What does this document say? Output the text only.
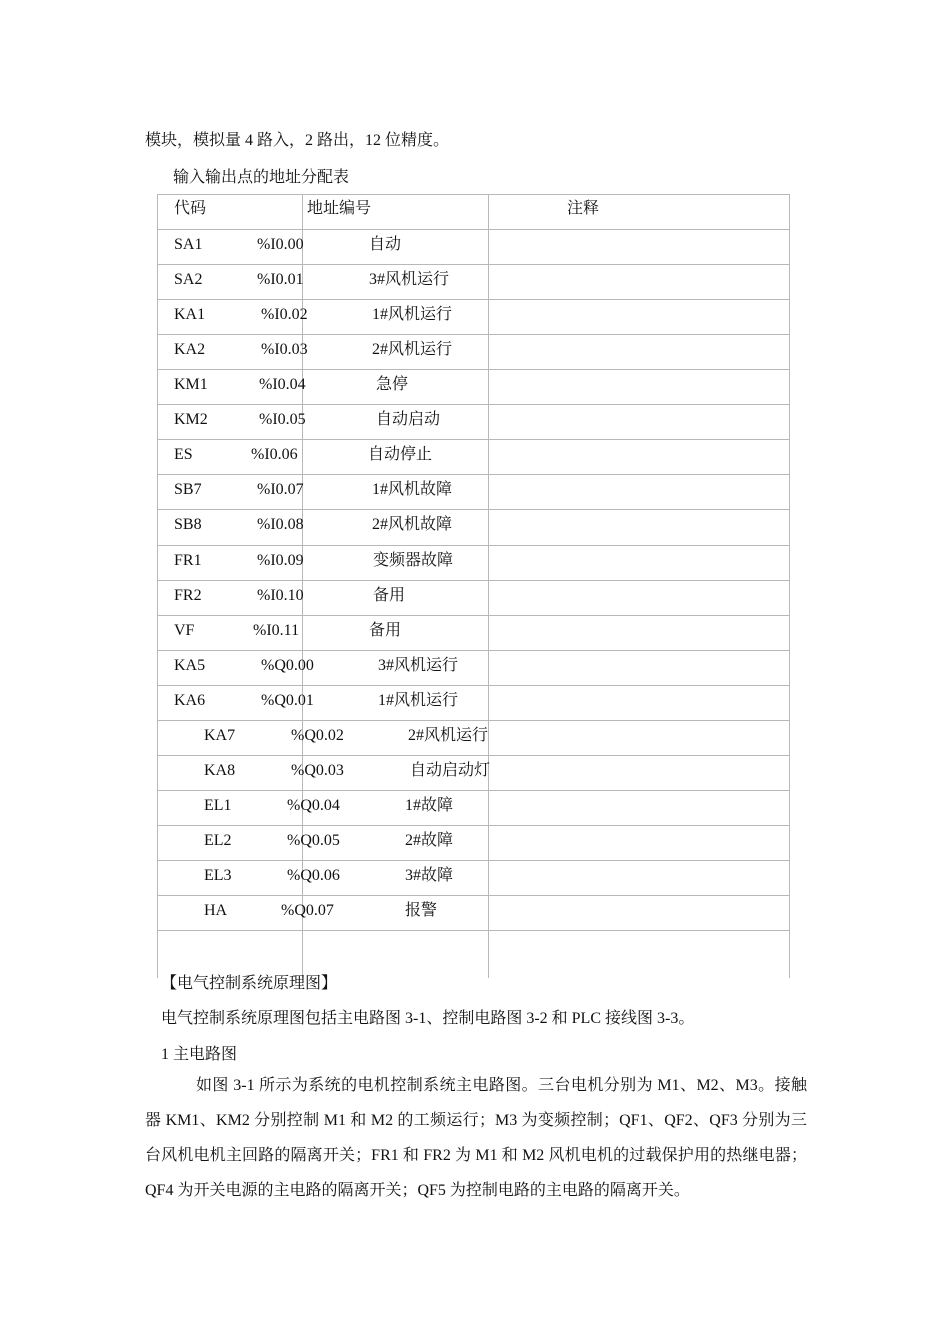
模块，模拟量 4 路入，2 路出，12 位精度。
输入输出点的地址分配表
代码	地址编号	注释
SA1	%I0.00	自动
SA2	%I0.01	3#风机运行
KA1	%I0.02	1#风机运行
KA2	%I0.03	2#风机运行
KM1	%I0.04	急停
KM2	%I0.05	自动启动
ES	%I0.06	自动停止
SB7	%I0.07	1#风机故障
SB8	%I0.08	2#风机故障
FR1	%I0.09	变频器故障
FR2	%I0.10	备用
VF	%I0.11	备用
KA5	%Q0.00	3#风机运行
KA6	%Q0.01	1#风机运行
KA7	%Q0.02	2#风机运行
KA8	%Q0.03	自动启动灯
EL1	%Q0.04	1#故障
EL2	%Q0.05	2#故障
EL3	%Q0.06	3#故障
HA	%Q0.07	报警
【电气控制系统原理图】
电气控制系统原理图包括主电路图 3-1、控制电路图 3-2 和 PLC 接线图 3-3。
1 主电路图
如图 3-1 所示为系统的电机控制系统主电路图。三台电机分别为 M1、M2、M3。接触器 KM1、KM2 分别控制 M1 和 M2 的工频运行；M3 为变频控制；QF1、QF2、QF3 分别为三台风机电机主回路的隔离开关；FR1 和 FR2 为 M1 和 M2 风机电机的过载保护用的热继电器；QF4 为开关电源的主电路的隔离开关；QF5 为控制电路的主电路的隔离开关。
